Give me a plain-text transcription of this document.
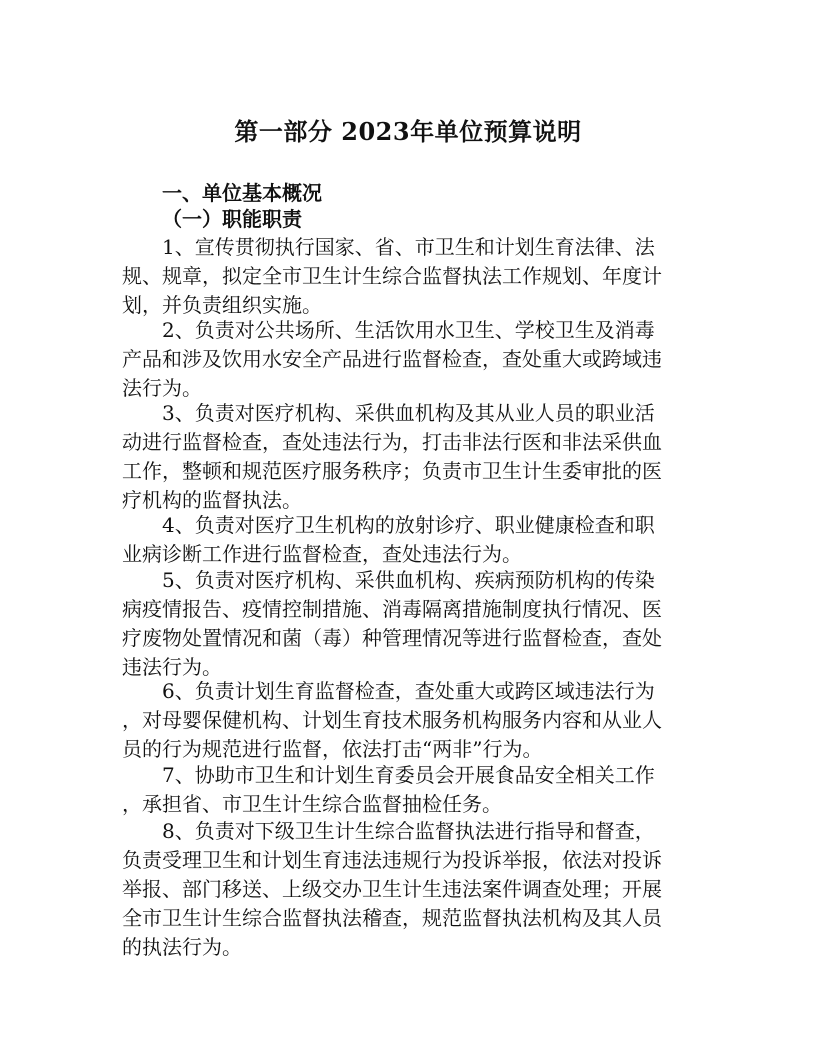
第一部分 2023年单位预算说明
一、单位基本概况
（一）职能职责
1、宣传贯彻执行国家、省、市卫生和计划生育法律、法
规、规章，拟定全市卫生计生综合监督执法工作规划、年度计
划，并负责组织实施。
2、负责对公共场所、生活饮用水卫生、学校卫生及消毒
产品和涉及饮用水安全产品进行监督检查，查处重大或跨域违
法行为。
3、负责对医疗机构、采供血机构及其从业人员的职业活
动进行监督检查，查处违法行为，打击非法行医和非法采供血
工作，整顿和规范医疗服务秩序；负责市卫生计生委审批的医
疗机构的监督执法。
4、负责对医疗卫生机构的放射诊疗、职业健康检查和职
业病诊断工作进行监督检查，查处违法行为。
5、负责对医疗机构、采供血机构、疾病预防机构的传染
病疫情报告、疫情控制措施、消毒隔离措施制度执行情况、医
疗废物处置情况和菌（毒）种管理情况等进行监督检查，查处
违法行为。
6、负责计划生育监督检查，查处重大或跨区域违法行为
，对母婴保健机构、计划生育技术服务机构服务内容和从业人
员的行为规范进行监督，依法打击“两非”行为。
7、协助市卫生和计划生育委员会开展食品安全相关工作
，承担省、市卫生计生综合监督抽检任务。
8、负责对下级卫生计生综合监督执法进行指导和督查，
负责受理卫生和计划生育违法违规行为投诉举报，依法对投诉
举报、部门移送、上级交办卫生计生违法案件调查处理；开展
全市卫生计生综合监督执法稽查，规范监督执法机构及其人员
的执法行为。
